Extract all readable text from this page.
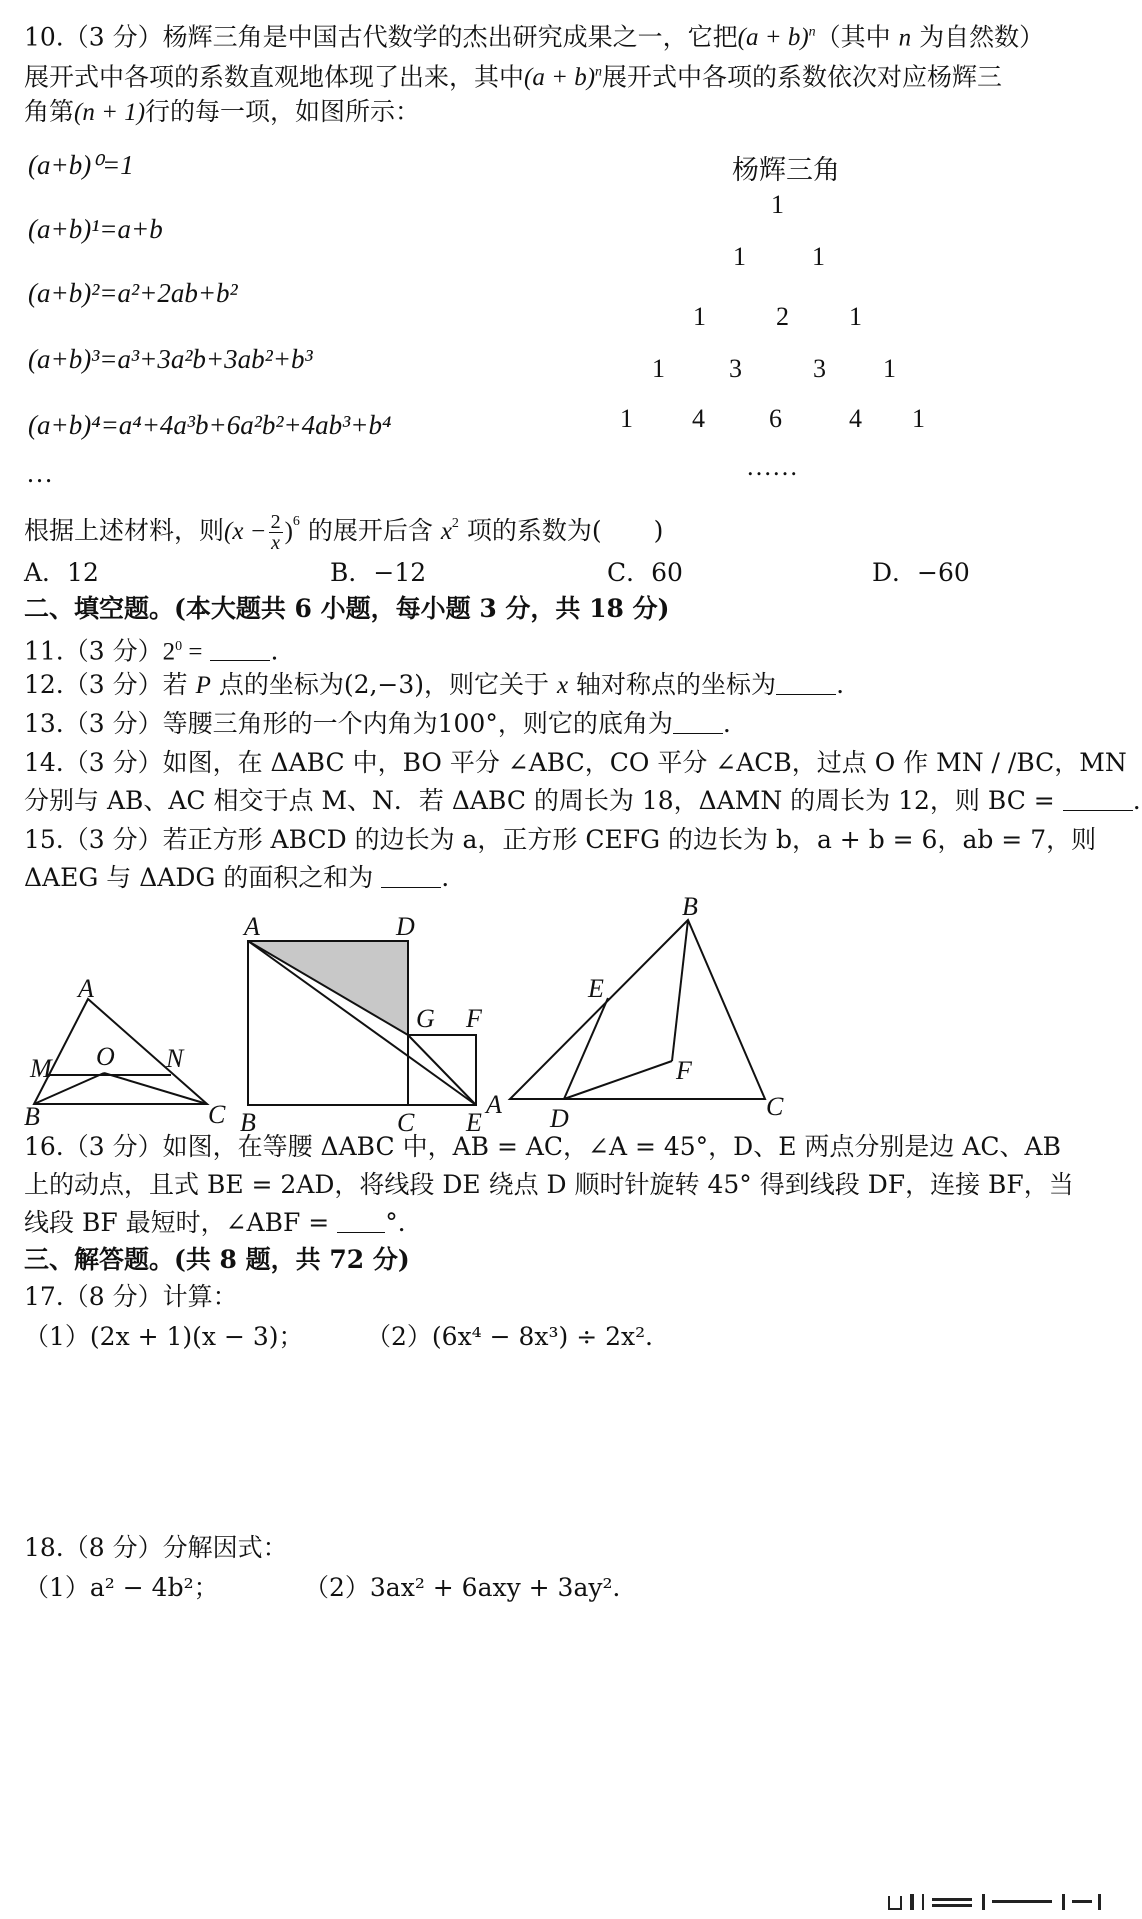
10.（3 分）杨辉三角是中国古代数学的杰出研究成果之一，它把$(a + b)^n$（其中 n 为自然数）
展开式中各项的系数直观地体现了出来，其中$(a + b)^n$展开式中各项的系数依次对应杨辉三
角第(n + 1)行的每一项，如图所示：
(a+b)⁰=1
(a+b)¹=a+b
(a+b)²=a²+2ab+b²
(a+b)³=a³+3a²b+3ab²+b³
(a+b)⁴=a⁴+4a³b+6a²b²+4ab³+b⁴
…
杨辉三角
1
1	1
1	2 1
1 3	3 1
1 4 6	4 1
……
根据上述材料，则$(x - \frac{2}{x} )^6$ 的展开后含 $x^2$ 项的系数为( )
A．12	B．−12	C．60	D．−60
二、填空题。(本大题共 6 小题，每小题 3 分，共 18 分)
11.（3 分）$2^0$ =	.
12.（3 分）若 P 点的坐标为(2,−3)，则它关于 x 轴对称点的坐标为 .
13.（3 分）等腰三角形的一个内角为100°，则它的底角为 .
14.（3 分）如图，在 ΔABC 中，BO 平分 ∠ABC，CO 平分 ∠ACB，过点 O 作 MN / /BC，MN
分别与 AB、AC 相交于点 M、N．若 ΔABC 的周长为 18，ΔAMN 的周长为 12，则 BC =	.
15.（3 分）若正方形 ABCD 的边长为 a，正方形 CEFG 的边长为 b，a + b = 6，ab = 7，则
ΔAEG 与 ΔADG 的面积之和为	.
A
M O N
B	C
A	D
G F
B	C E
B
E
F
A D	C
16.（3 分）如图，在等腰 ΔABC 中，AB = AC，∠A = 45°，D、E 两点分别是边 AC、AB
上的动点，且式 BE = 2AD，将线段 DE 绕点 D 顺时针旋转 45° 得到线段 DF，连接 BF，当
线段 BF 最短时，∠ABF = °．
三、解答题。(共 8 题，共 72 分)
17.（8 分）计算：
（1）(2x + 1)(x − 3)； （2）(6x⁴ − 8x³) ÷ 2x²．
18.（8 分）分解因式：
（1）a² − 4b²；	（2）3ax² + 6axy + 3ay²．
